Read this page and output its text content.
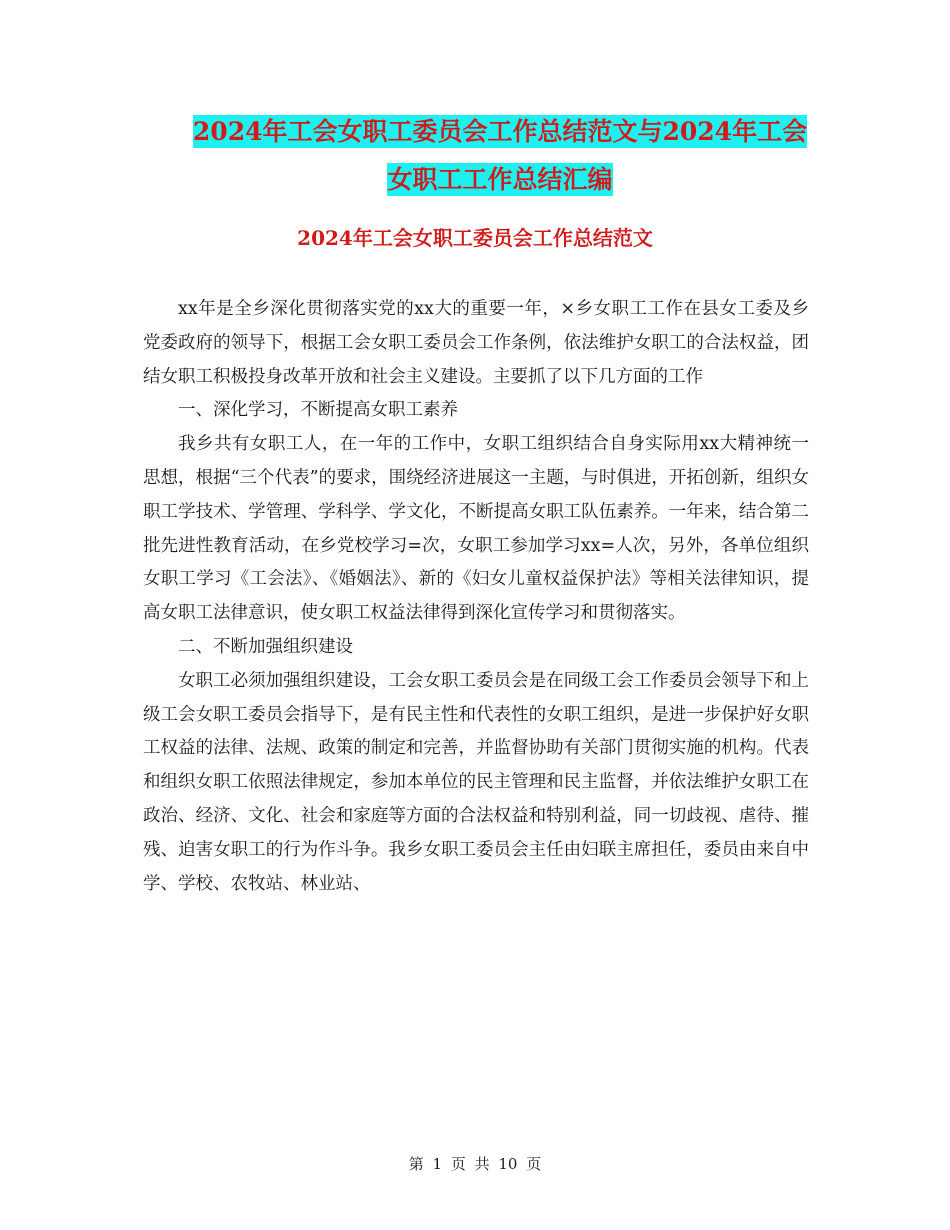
2024年工会女职工委员会工作总结范文与2024年工会
女职工工作总结汇编
2024年工会女职工委员会工作总结范文

xx年是全乡深化贯彻落实党的xx大的重要一年，×乡女职工工作在县女工委及乡党委政府的领导下，根据工会女职工委员会工作条例，依法维护女职工的合法权益，团结女职工积极投身改革开放和社会主义建设。主要抓了以下几方面的工作

一、深化学习，不断提高女职工素养

我乡共有女职工人，在一年的工作中，女职工组织结合自身实际用xx大精神统一思想，根据“三个代表”的要求，围绕经济进展这一主题，与时俱进，开拓创新，组织女职工学技术、学管理、学科学、学文化，不断提高女职工队伍素养。一年来，结合第二批先进性教育活动，在乡党校学习=次，女职工参加学习xx=人次，另外，各单位组织女职工学习《工会法》、《婚姻法》、新的《妇女儿童权益保护法》等相关法律知识，提高女职工法律意识，使女职工权益法律得到深化宣传学习和贯彻落实。

二、不断加强组织建设

女职工必须加强组织建设，工会女职工委员会是在同级工会工作委员会领导下和上级工会女职工委员会指导下，是有民主性和代表性的女职工组织，是进一步保护好女职工权益的法律、法规、政策的制定和完善，并监督协助有关部门贯彻实施的机构。代表和组织女职工依照法律规定，参加本单位的民主管理和民主监督，并依法维护女职工在政治、经济、文化、社会和家庭等方面的合法权益和特别利益，同一切歧视、虐待、摧残、迫害女职工的行为作斗争。我乡女职工委员会主任由妇联主席担任，委员由来自中学、学校、农牧站、林业站、

第 1 页 共 10 页
